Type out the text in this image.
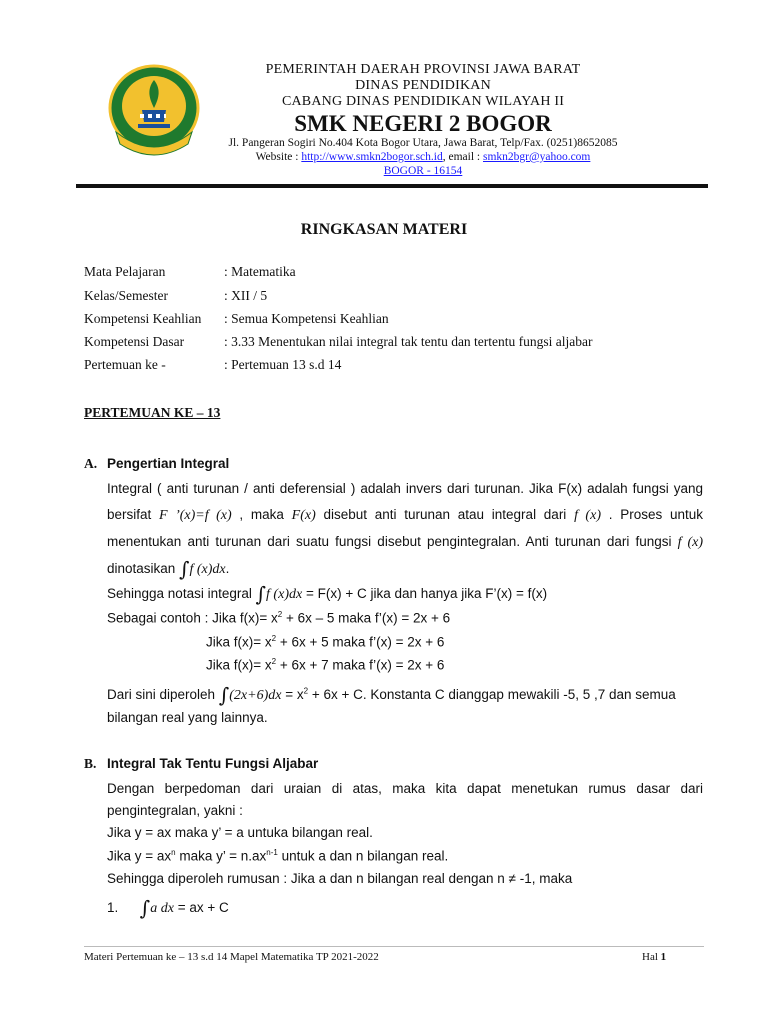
PEMERINTAH DAERAH PROVINSI JAWA BARAT
DINAS PENDIDIKAN
CABANG DINAS PENDIDIKAN WILAYAH II
SMK NEGERI 2 BOGOR
Jl. Pangeran Sogiri No.404 Kota Bogor Utara, Jawa Barat, Telp/Fax. (0251)8652085
Website : http://www.smkn2bogor.sch.id, email : smkn2bgr@yahoo.com
BOGOR - 16154
RINGKASAN MATERI
Mata Pelajaran	: Matematika
Kelas/Semester	: XII / 5
Kompetensi Keahlian : Semua Kompetensi Keahlian
Kompetensi Dasar	: 3.33 Menentukan nilai integral tak tentu dan tertentu fungsi aljabar
Pertemuan ke -	: Pertemuan 13 s.d 14
PERTEMUAN KE – 13
A. Pengertian Integral
Integral ( anti turunan / anti deferensial ) adalah invers dari turunan. Jika F(x) adalah fungsi yang bersifat F ’(x)=f (x) , maka F(x) disebut anti turunan atau integral dari f (x) . Proses untuk menentukan anti turunan dari suatu fungsi disebut pengintegralan. Anti turunan dari fungsi f (x) dinotasikan ∫f (x)dx.
Sehingga notasi integral ∫f (x)dx = F(x) + C jika dan hanya jika F’(x) = f(x)
Sebagai contoh : Jika $f(x)= x^2 + 6x - 5$ maka f’(x) = 2x + 6
Jika $f(x)= x^2 + 6x + 5$ maka f’(x) = 2x + 6
Jika $f(x)= x^2 + 6x + 7$ maka f’(x) = 2x + 6
Dari sini diperoleh $\int(2x+6)dx = x^2 + 6x + C$. Konstanta C dianggap mewakili -5, 5 ,7 dan semua
bilangan real yang lainnya.
B. Integral Tak Tentu Fungsi Aljabar
Dengan berpedoman dari uraian di atas, maka kita dapat menetukan rumus dasar dari pengintegralan, yakni :
Jika y = ax maka y’ = a untuka bilangan real.
Jika $y = ax^n$ maka y’ = $n.ax^{n-1}$ untuk a dan n bilangan real.
Sehingga diperoleh rumusan : Jika a dan n bilangan real dengan n ≠ -1, maka
1. ∫a dx = ax + C
Materi Pertemuan ke – 13 s.d 14 Mapel Matematika TP 2021-2022	Hal 1
